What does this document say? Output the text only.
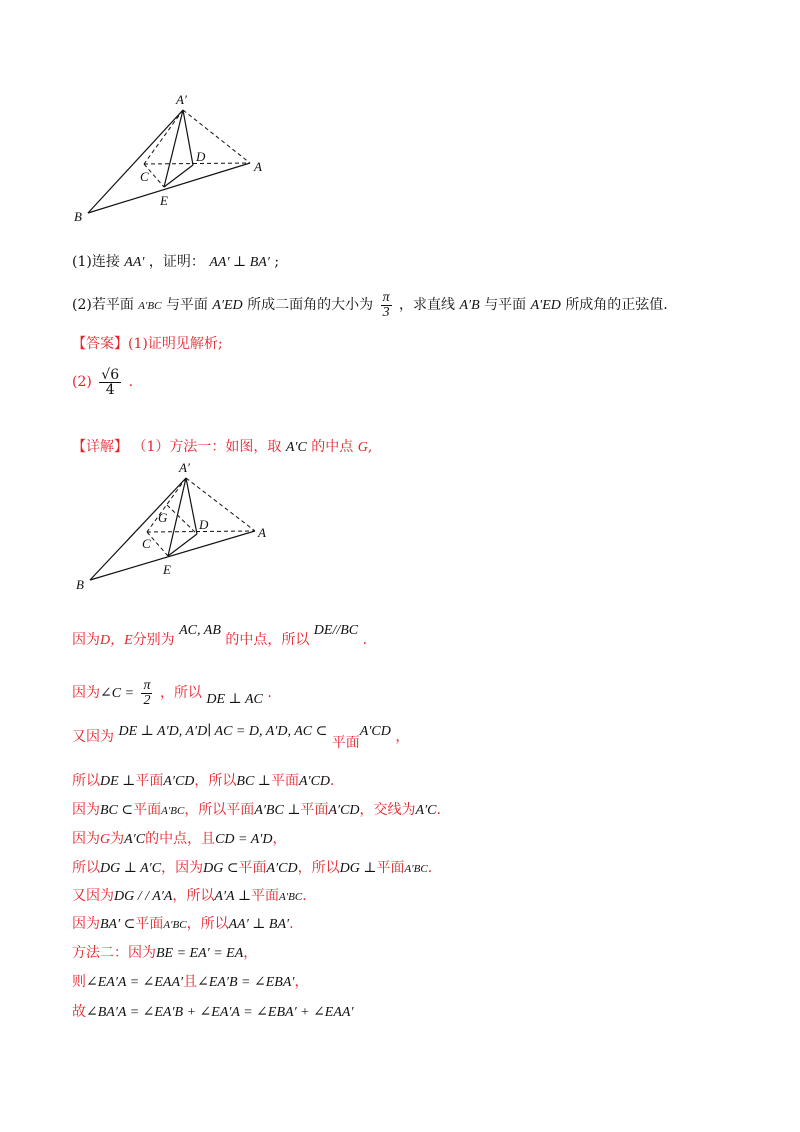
A′
D
C
A
E
B
(1)连接 AA′ ，证明： AA′ ⊥ BA′ ;
(2)若平面 A′BC 与平面 A′ED 所成二面角的大小为 $\frac{\pi}{3}$ ，求直线 A′B 与平面 A′ED 所成角的正弦值.
【答案】(1)证明见解析;
$(2) \frac{√6}{4}$ .
【详解】 （1）方法一：如图，取 A′C 的中点 G,
A′
G D
C
A
E
B
因为D，E分别为 AC, AB 的中点，所以 DE//BC .
因为∠C = $\frac{\pi}{2}$ ，所以 DE ⊥ AC .
又因为 DE ⊥ A′D, A′D∣ AC = D, A′D, AC ⊂ 平面A′CD ，
所以DE ⊥平面A′CD，所以BC ⊥平面A′CD.
因为BC ⊂平面A′BC，所以平面A′BC ⊥平面A′CD，交线为A′C.
因为G为A′C的中点，且CD = A′D，
所以DG ⊥ A′C，因为DG ⊂平面A′CD，所以DG ⊥平面A′BC.
又因为DG / / A′A，所以A′A ⊥平面A′BC.
因为BA′ ⊂平面A′BC，所以AA′ ⊥ BA′.
方法二：因为BE = EA′ = EA，
则∠EA′A = ∠EAA′且∠EA′B = ∠EBA′，
故∠BA′A = ∠EA′B + ∠EA′A = ∠EBA′ + ∠EAA′
